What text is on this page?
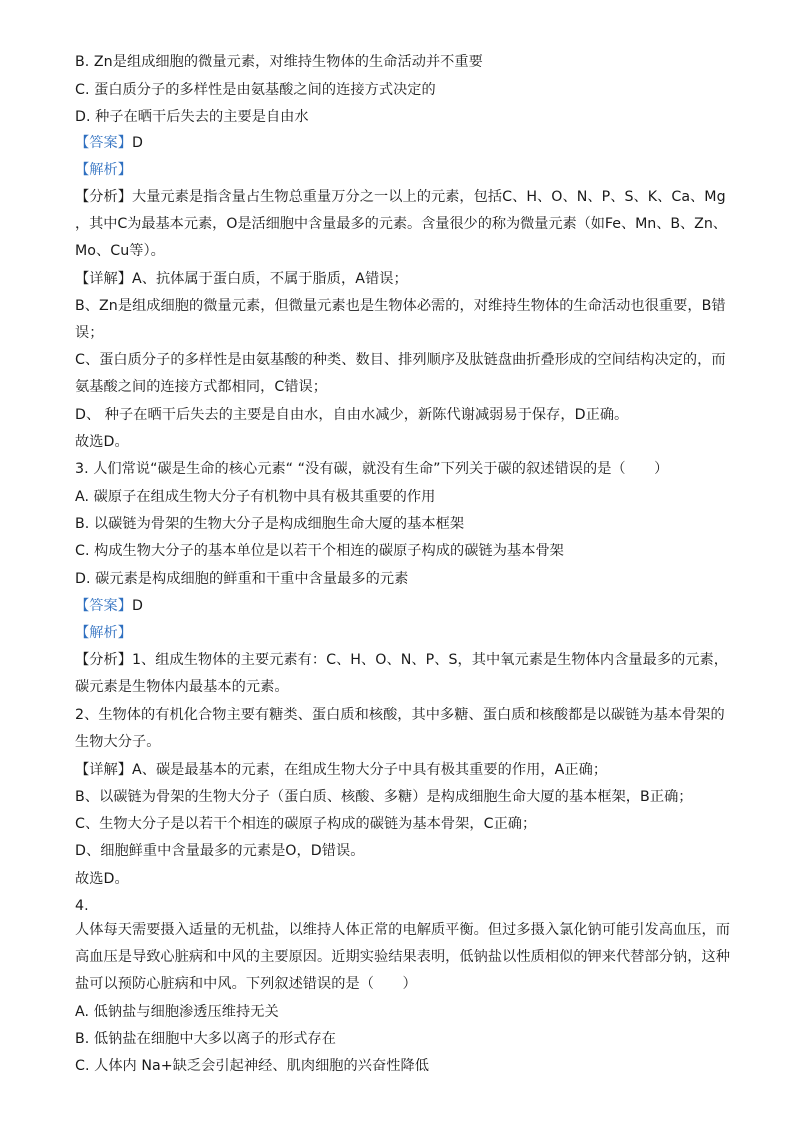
B. Zn是组成细胞的微量元素，对维持生物体的生命活动并不重要

C. 蛋白质分子的多样性是由氨基酸之间的连接方式决定的

D. 种子在晒干后失去的主要是自由水

【答案】D

【解析】

【分析】大量元素是指含量占生物总重量万分之一以上的元素，包括C、H、O、N、P、S、K、Ca、Mg

，其中C为最基本元素，O是活细胞中含量最多的元素。含量很少的称为微量元素（如Fe、Mn、B、Zn、

Mo、Cu等）。

【详解】A、抗体属于蛋白质，不属于脂质，A错误；

B、Zn是组成细胞的微量元素，但微量元素也是生物体必需的，对维持生物体的生命活动也很重要，B错

误；

C、蛋白质分子的多样性是由氨基酸的种类、数目、排列顺序及肽链盘曲折叠形成的空间结构决定的，而

氨基酸之间的连接方式都相同，C错误；

D、 种子在晒干后失去的主要是自由水，自由水减少，新陈代谢减弱易于保存，D正确。

故选D。

3. 人们常说“碳是生命的核心元素“ “没有碳，就没有生命”下列关于碳的叙述错误的是（　　）

A. 碳原子在组成生物大分子有机物中具有极其重要的作用

B. 以碳链为骨架的生物大分子是构成细胞生命大厦的基本框架

C. 构成生物大分子的基本单位是以若干个相连的碳原子构成的碳链为基本骨架

D. 碳元素是构成细胞的鲜重和干重中含量最多的元素

【答案】D

【解析】

【分析】1、组成生物体的主要元素有：C、H、O、N、P、S，其中氧元素是生物体内含量最多的元素，

碳元素是生物体内最基本的元素。

2、生物体的有机化合物主要有糖类、蛋白质和核酸，其中多糖、蛋白质和核酸都是以碳链为基本骨架的

生物大分子。

【详解】A、碳是最基本的元素，在组成生物大分子中具有极其重要的作用，A正确；

B、以碳链为骨架的生物大分子（蛋白质、核酸、多糖）是构成细胞生命大厦的基本框架，B正确；

C、生物大分子是以若干个相连的碳原子构成的碳链为基本骨架，C正确；

D、细胞鲜重中含量最多的元素是O，D错误。

故选D。

4.

人体每天需要摄入适量的无机盐，以维持人体正常的电解质平衡。但过多摄入氯化钠可能引发高血压，而

高血压是导致心脏病和中风的主要原因。近期实验结果表明，低钠盐以性质相似的钾来代替部分钠，这种

盐可以预防心脏病和中风。下列叙述错误的是（　　）

A. 低钠盐与细胞渗透压维持无关

B. 低钠盐在细胞中大多以离子的形式存在

C. 人体内 Na+缺乏会引起神经、肌肉细胞的兴奋性降低
